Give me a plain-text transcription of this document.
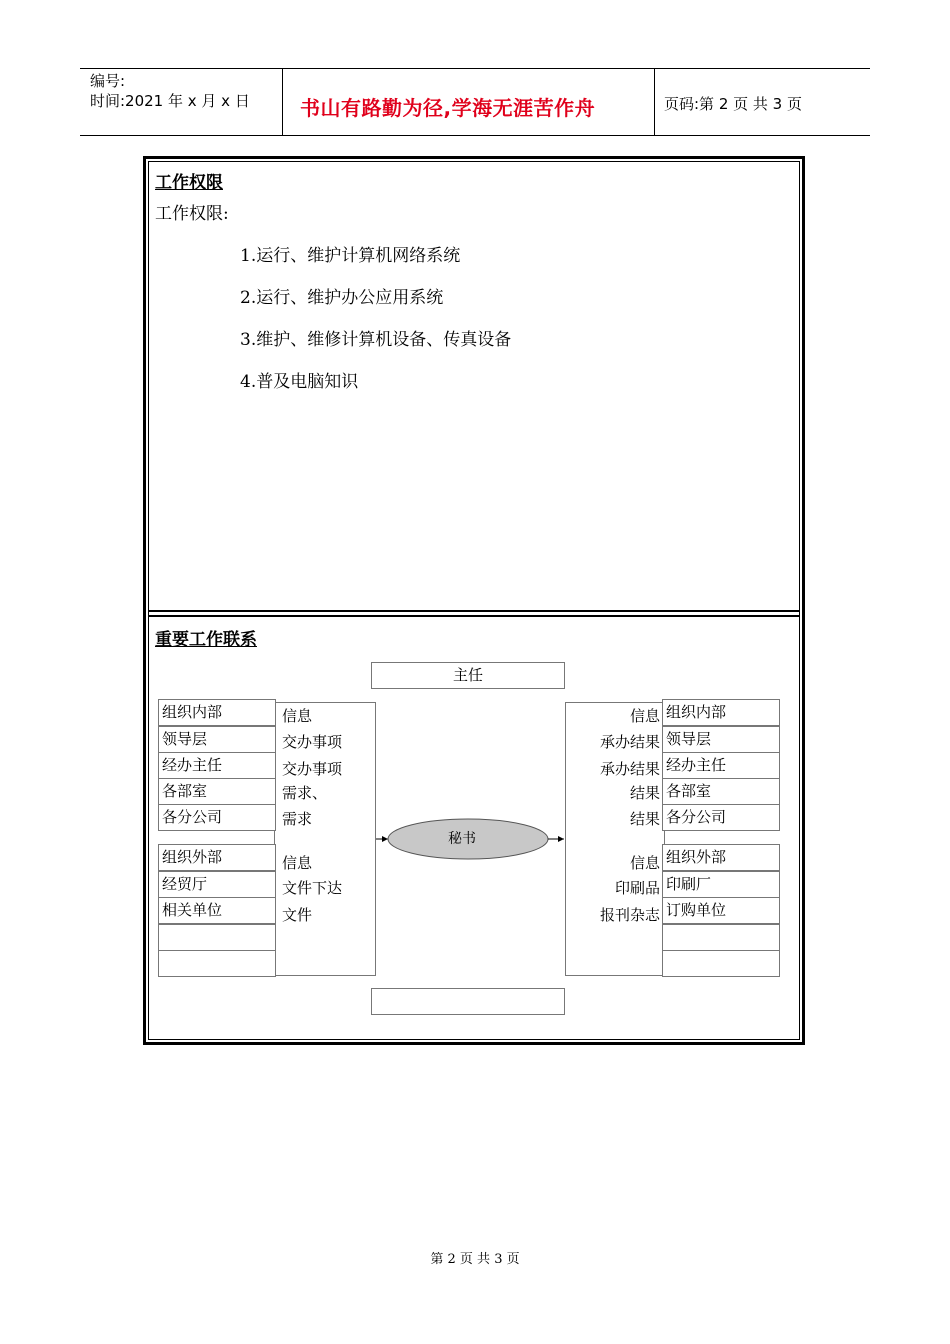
编号:
时间:2021 年 x 月 x 日	书山有路勤为径,学海无涯苦作舟	页码:第 2 页 共 3 页
工作权限
工作权限:
1.运行、维护计算机网络系统
2.运行、维护办公应用系统
3.维护、维修计算机设备、传真设备
4.普及电脑知识
重要工作联系
主任
组织内部
领导层
经办主任
各部室
各分公司
组织外部
经贸厅
相关单位
信息
交办事项
交办事项
需求、
需求
信息
文件下达
文件
组织内部
领导层
经办主任
各部室
各分公司
组织外部
印刷厂
订购单位
信息
承办结果
承办结果
结果
结果
信息
印刷品
报刊杂志
秘书
第 2 页 共 3 页
